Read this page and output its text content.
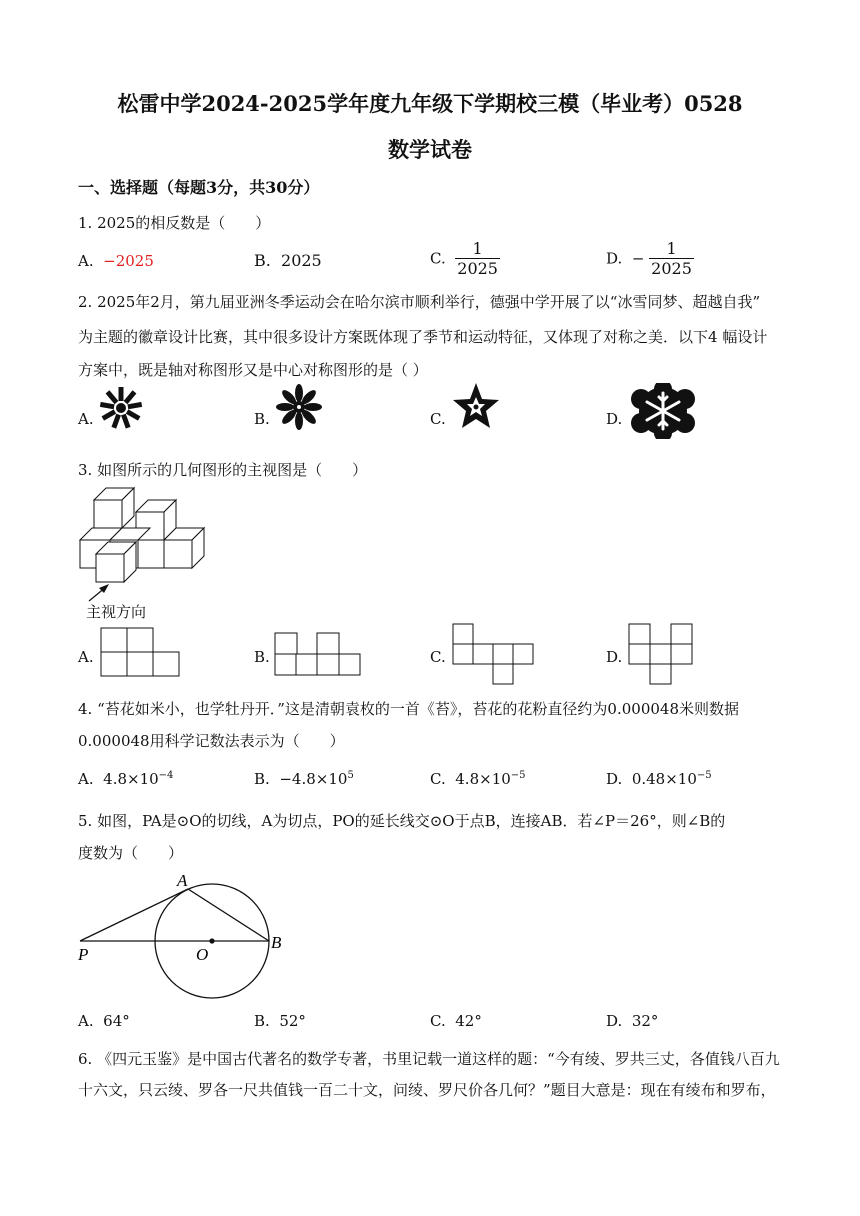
松雷中学2024-2025学年度九年级下学期校三模（毕业考）0528
数学试卷
一、选择题（每题3分，共30分）
1. 2025的相反数是（　　）
A. −2025	B. 2025	C. $\frac{1}{2025}$	D. − $\frac{1}{2025}$
2. 2025年2月，第九届亚洲冬季运动会在哈尔滨市顺利举行，德强中学开展了以“冰雪同梦、超越自我”
为主题的徽章设计比赛，其中很多设计方案既体现了季节和运动特征，又体现了对称之美．以下4 幅设计
方案中，既是轴对称图形又是中心对称图形的是（ ）
A.	B.	C.	D.
3. 如图所示的几何图形的主视图是（　　）
主视方向
A.	B.	C.	D.
4. “苔花如米小，也学牡丹开．”这是清朝袁枚的一首《苔》，苔花的花粉直径约为0.000048米则数据
0.000048用科学记数法表示为（　　）
A. $4.8\times 10^{-4}$	B. $-4.8\times 10^5$	C. $4.8\times 10^{-5}$	D. $0.48\times 10^{-5}$
5. 如图，PA是⊙O的切线，A为切点，PO的延长线交⊙O于点B，连接AB．若∠P＝26°，则∠B的
度数为（　　）
A
B
O
P
A. 64°	B. 52°	C. 42°	D. 32°
6. 《四元玉鉴》是中国古代著名的数学专著，书里记载一道这样的题：“今有绫、罗共三丈，各值钱八百九
十六文，只云绫、罗各一尺共值钱一百二十文，问绫、罗尺价各几何？”题目大意是：现在有绫布和罗布，
